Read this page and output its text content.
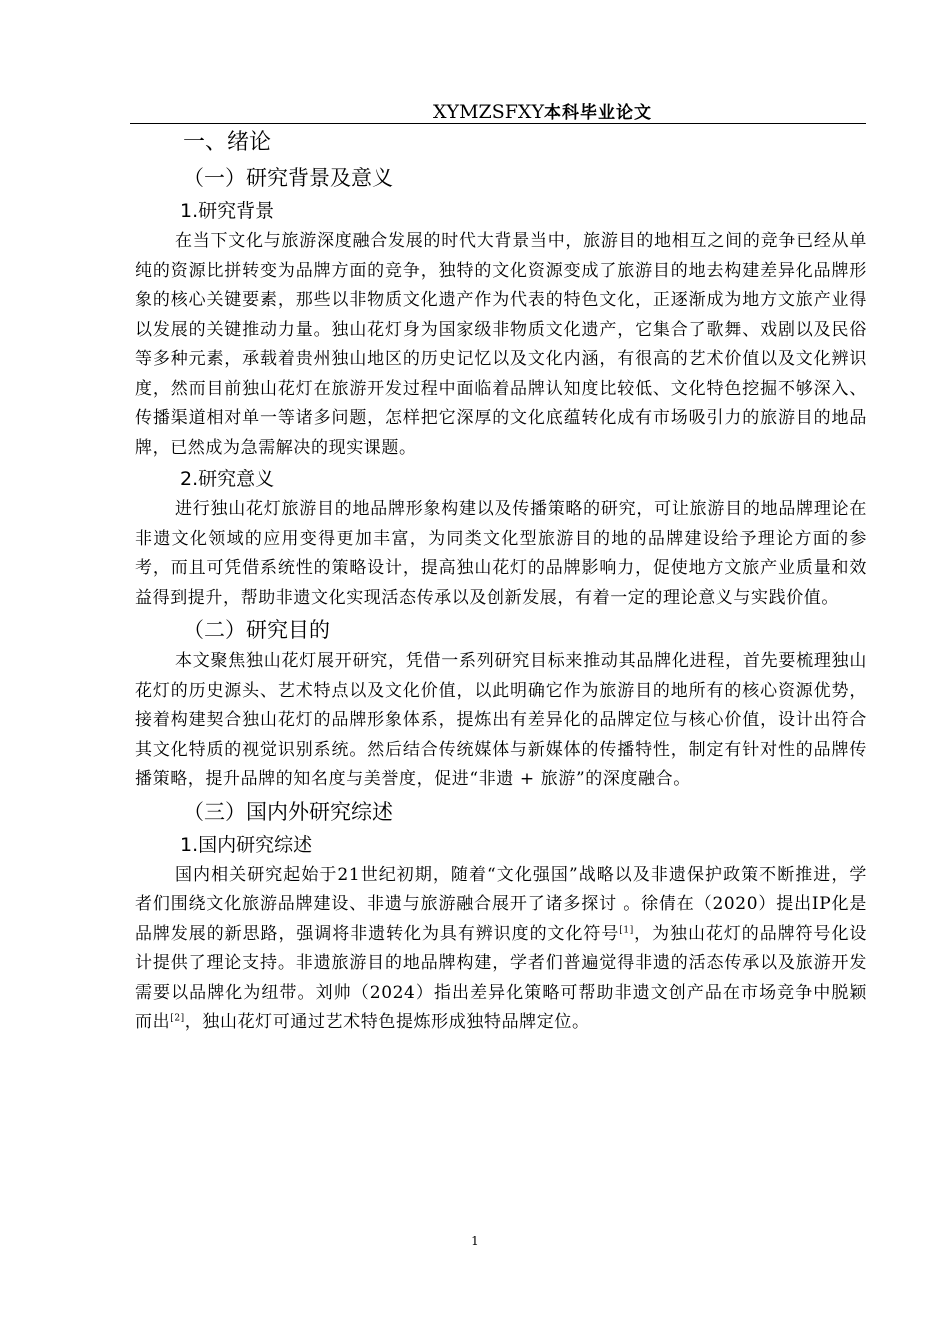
XYMZSFXY本科毕业论文
一、绪论
（一）研究背景及意义
1.研究背景

在当下文化与旅游深度融合发展的时代大背景当中，旅游目的地相互之间的竞争已经从单纯的资源比拼转变为品牌方面的竞争，独特的文化资源变成了旅游目的地去构建差异化品牌形象的核心关键要素，那些以非物质文化遗产作为代表的特色文化，正逐渐成为地方文旅产业得以发展的关键推动力量。独山花灯身为国家级非物质文化遗产，它集合了歌舞、戏剧以及民俗等多种元素，承载着贵州独山地区的历史记忆以及文化内涵，有很高的艺术价值以及文化辨识度，然而目前独山花灯在旅游开发过程中面临着品牌认知度比较低、文化特色挖掘不够深入、传播渠道相对单一等诸多问题，怎样把它深厚的文化底蕴转化成有市场吸引力的旅游目的地品牌，已然成为急需解决的现实课题。

2.研究意义

进行独山花灯旅游目的地品牌形象构建以及传播策略的研究，可让旅游目的地品牌理论在非遗文化领域的应用变得更加丰富，为同类文化型旅游目的地的品牌建设给予理论方面的参考，而且可凭借系统性的策略设计，提高独山花灯的品牌影响力，促使地方文旅产业质量和效益得到提升，帮助非遗文化实现活态传承以及创新发展，有着一定的理论意义与实践价值。

（二）研究目的

本文聚焦独山花灯展开研究，凭借一系列研究目标来推动其品牌化进程，首先要梳理独山花灯的历史源头、艺术特点以及文化价值，以此明确它作为旅游目的地所有的核心资源优势，接着构建契合独山花灯的品牌形象体系，提炼出有差异化的品牌定位与核心价值，设计出符合其文化特质的视觉识别系统。然后结合传统媒体与新媒体的传播特性，制定有针对性的品牌传播策略，提升品牌的知名度与美誉度，促进“非遗 + 旅游”的深度融合。

（三）国内外研究综述
1.国内研究综述

国内相关研究起始于21世纪初期，随着“文化强国”战略以及非遗保护政策不断推进，学者们围绕文化旅游品牌建设、非遗与旅游融合展开了诸多探讨 。徐倩在（2020）提出IP化是品牌发展的新思路，强调将非遗转化为具有辨识度的文化符号[1]，为独山花灯的品牌符号化设计提供了理论支持。非遗旅游目的地品牌构建，学者们普遍觉得非遗的活态传承以及旅游开发需要以品牌化为纽带。刘帅（2024）指出差异化策略可帮助非遗文创产品在市场竞争中脱颖而出[2]，独山花灯可通过艺术特色提炼形成独特品牌定位。

1
